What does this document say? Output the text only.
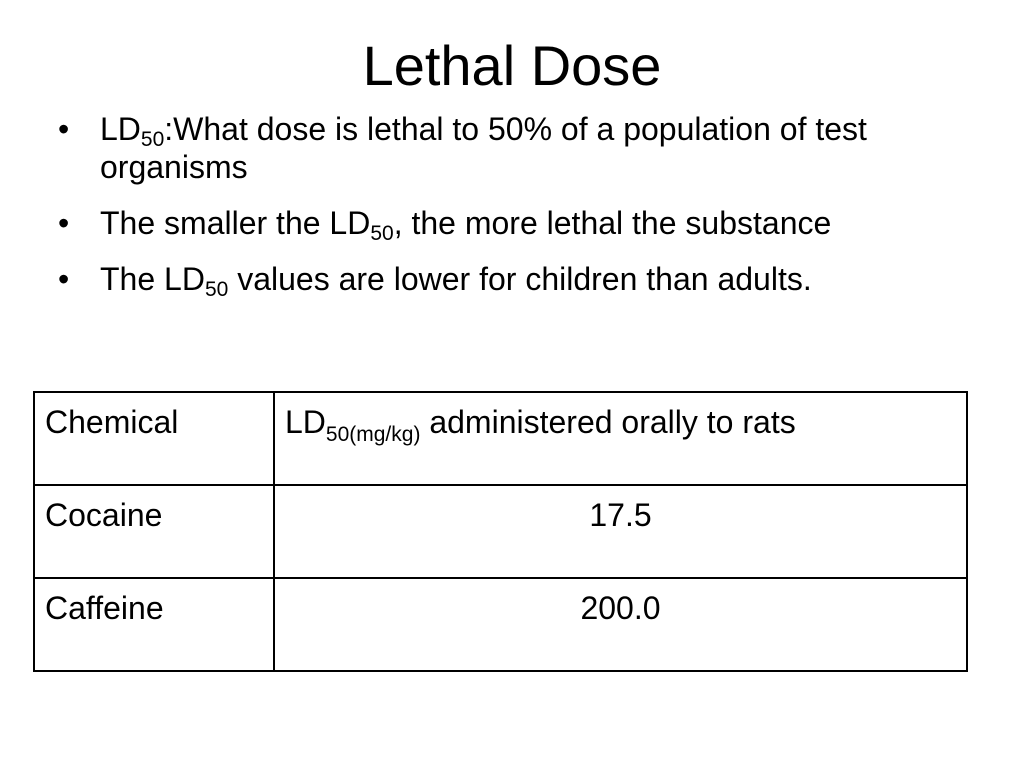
Lethal Dose
• $LD_{50}:What$ dose is lethal to 50% of a population of test organisms
• The smaller the $LD_{50}$, the more lethal the substance
• The $LD_{50}$ values are lower for children than adults.
Chemical	$LD_{50(mg/kg)}$ administered orally to rats
Cocaine	17.5
Caffeine	200.0
